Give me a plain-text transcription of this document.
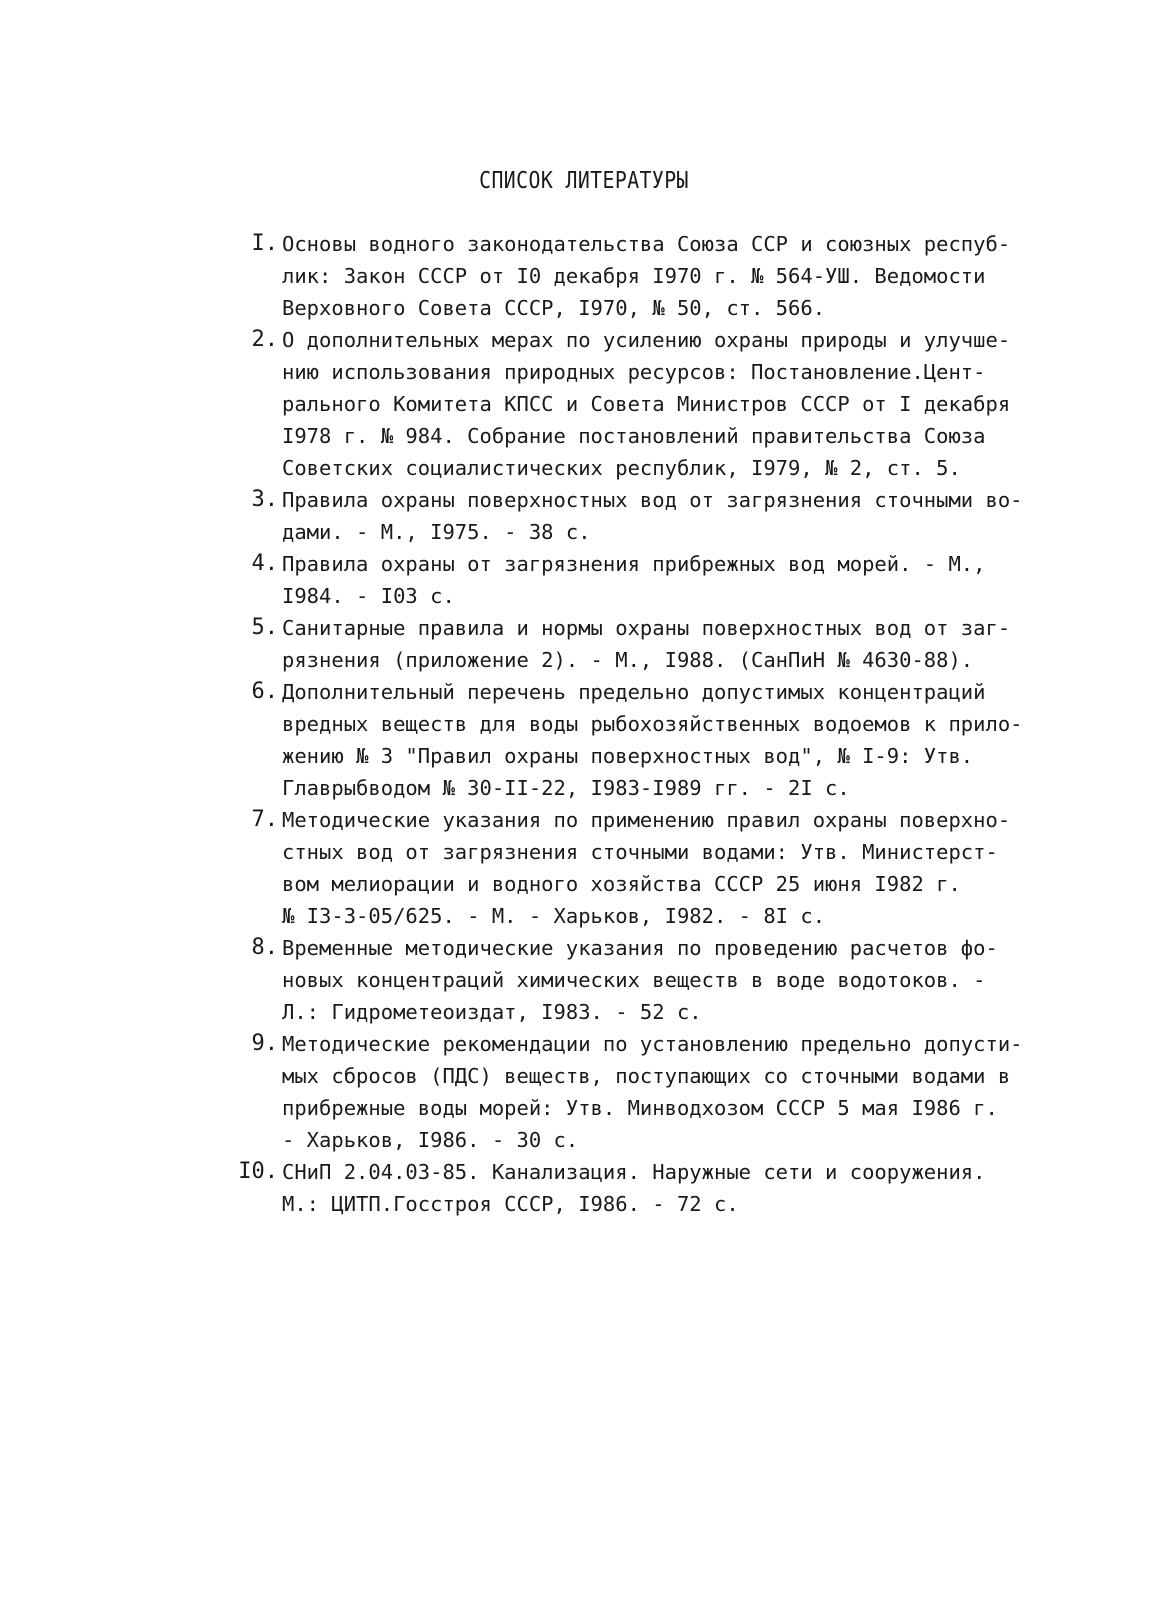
СПИСОК ЛИТЕРАТУРЫ
I. Основы водного законодательства Союза ССР и союзных респуб-
лик: Закон СССР от I0 декабря I970 г. № 564-УШ. Ведомости
Верховного Совета СССР, I970, № 50, ст. 566.
2. О дополнительных мерах по усилению охраны природы и улучше-
нию использования природных ресурсов: Постановление.Цент-
рального Комитета КПСС и Совета Министров СССР от I декабря
I978 г. № 984. Собрание постановлений правительства Союза
Советских социалистических республик, I979, № 2, ст. 5.
3. Правила охраны поверхностных вод от загрязнения сточными во-
дами. - М., I975. - 38 с.
4. Правила охраны от загрязнения прибрежных вод морей. - М.,
I984. - I03 с.
5. Санитарные правила и нормы охраны поверхностных вод от заг-
рязнения (приложение 2). - М., I988. (СанПиН № 4630-88).
6. Дополнительный перечень предельно допустимых концентраций
вредных веществ для воды рыбохозяйственных водоемов к прило-
жению № 3 "Правил охраны поверхностных вод", № I-9: Утв.
Главрыбводом № 30-II-22, I983-I989 гг. - 2I с.
7. Методические указания по применению правил охраны поверхно-
стных вод от загрязнения сточными водами: Утв. Министерст-
вом мелиорации и водного хозяйства СССР 25 июня I982 г.
№ I3-3-05/625. - М. - Харьков, I982. - 8I с.
8. Временные методические указания по проведению расчетов фо-
новых концентраций химических веществ в воде водотоков. -
Л.: Гидрометеоиздат, I983. - 52 с.
9. Методические рекомендации по установлению предельно допусти-
мых сбросов (ПДС) веществ, поступающих со сточными водами в
прибрежные воды морей: Утв. Минводхозом СССР 5 мая I986 г.
- Харьков, I986. - 30 с.
I0. СНиП 2.04.03-85. Канализация. Наружные сети и сооружения.
М.: ЦИТП.Госстроя СССР, I986. - 72 с.
